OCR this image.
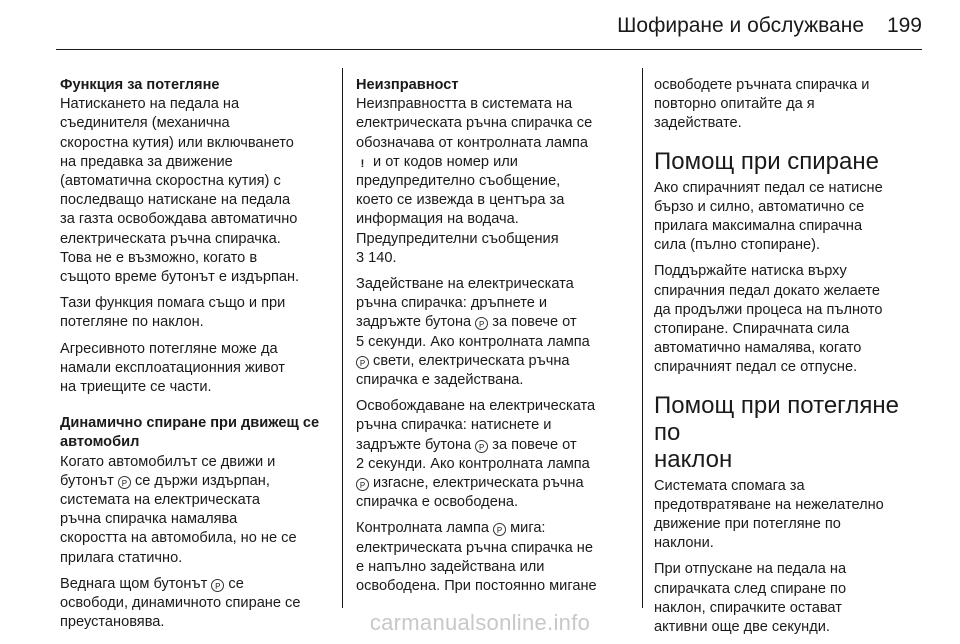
Шофиране и обслужване 199

Функция за потегляне

Натискането на педала на
съединителя (механична
скоростна кутия) или включването
на предавка за движение
(автоматична скоростна кутия) с
последващо натискане на педала
за газта освобождава автоматично
електрическата ръчна спирачка.
Това не е възможно, когато в
същото време бутонът е издърпан.

Тази функция помага също и при
потегляне по наклон.

Агресивното потегляне може да
намали експлоатационния живот
на триещите се части.

Динамично спиране при движещ се
автомобил

Когато автомобилът се движи и
бутонът P се държи издърпан,
системата на електрическата
ръчна спирачка намалява
скоростта на автомобила, но не се
прилага статично.

Веднага щом бутонът P се
освободи, динамичното спиране се
преустановява.

Неизправност

Неизправността в системата на
електрическата ръчна спирачка се
обозначава от контролната лампа
! и от кодов номер или
предупредително съобщение,
което се извежда в центъра за
информация на водача.
Предупредителни съобщения
3 140.

Задействане на електрическата
ръчна спирачка: дръпнете и
задръжте бутона P за повече от
5 секунди. Ако контролната лампа
P свети, електрическата ръчна
спирачка е задействана.

Освобождаване на електрическата
ръчна спирачка: натиснете и
задръжте бутона P за повече от
2 секунди. Ако контролната лампа
P изгасне, електрическата ръчна
спирачка е освободена.

Контролната лампа P мига:
електрическата ръчна спирачка не
е напълно задействана или
освободена. При постоянно мигане

освободете ръчната спирачка и
повторно опитайте да я
задействате.

Помощ при спиране

Ако спирачният педал се натисне
бързо и силно, автоматично се
прилага максимална спирачна
сила (пълно стопиране).

Поддържайте натиска върху
спирачния педал докато желаете
да продължи процеса на пълното
стопиране. Спирачната сила
автоматично намалява, когато
спирачният педал се отпусне.

Помощ при потегляне по
наклон

Системата спомага за
предотвратяване на нежелателно
движение при потегляне по
наклони.

При отпускане на педала на
спирачката след спиране по
наклон, спирачките остават
активни още две секунди.

carmanualsonline.info
